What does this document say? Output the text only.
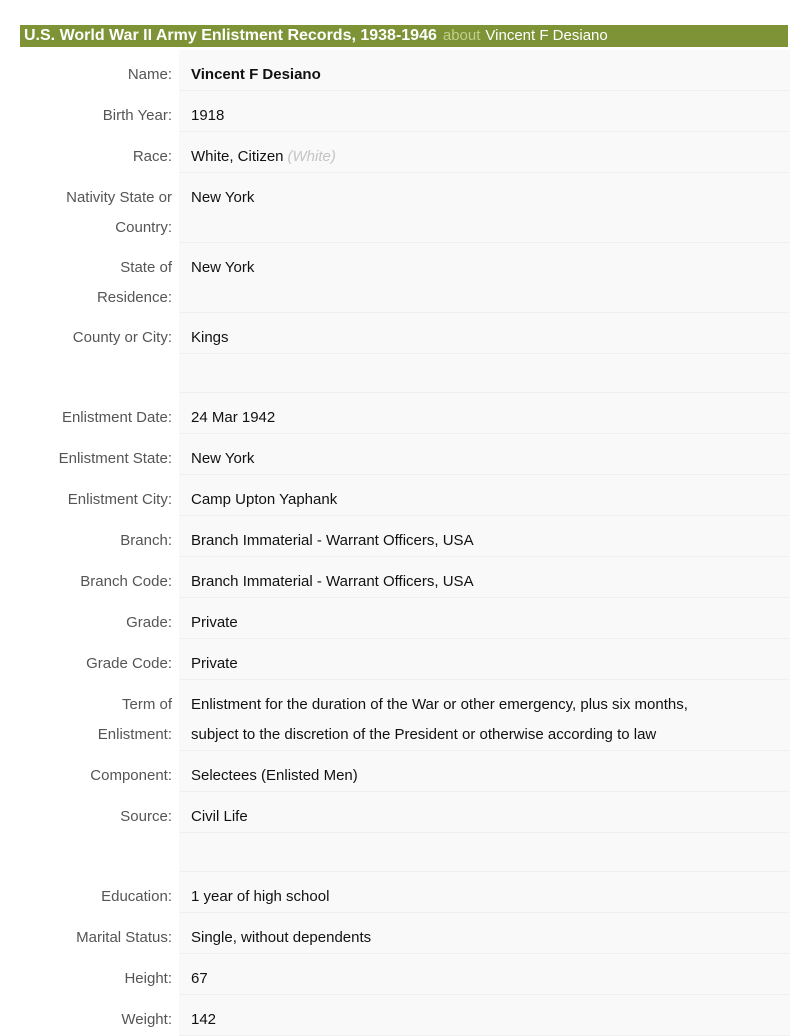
U.S. World War II Army Enlistment Records, 1938-1946 about Vincent F Desiano
Name:	Vincent F Desiano
Birth Year:	1918
Race:	White, Citizen (White)
Nativity State or
Country:
New York
State of
Residence:
New York
County or City:	Kings
Enlistment Date:	24 Mar 1942
Enlistment State:	New York
Enlistment City:	Camp Upton Yaphank
Branch:	Branch Immaterial - Warrant Officers, USA
Branch Code:	Branch Immaterial - Warrant Officers, USA
Grade:	Private
Grade Code:	Private
Term of
Enlistment:
Enlistment for the duration of the War or other emergency, plus six months,
subject to the discretion of the President or otherwise according to law
Component:	Selectees (Enlisted Men)
Source:	Civil Life
Education:	1 year of high school
Marital Status:	Single, without dependents
Height:	67
Weight:	142
